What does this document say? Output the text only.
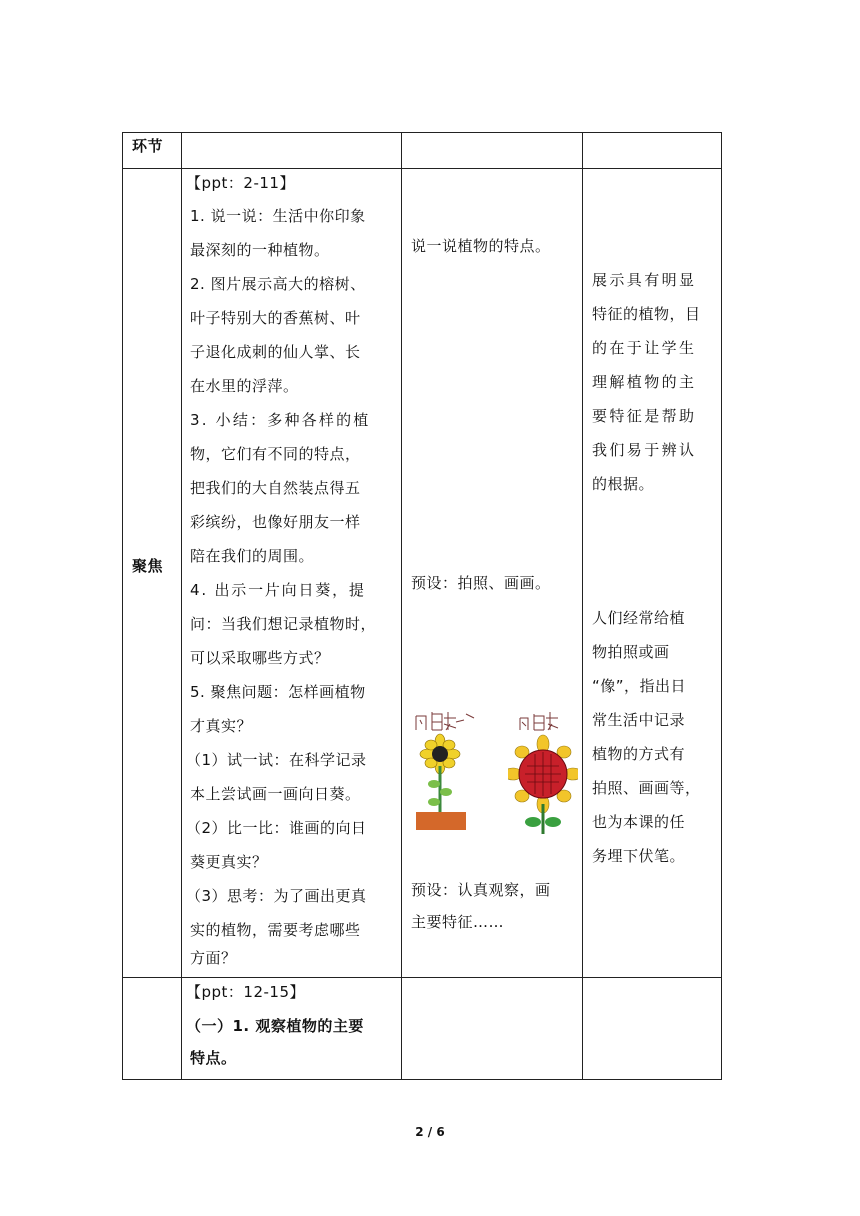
环节
聚焦
【ppt：2-11】
1. 说一说：生活中你印象
最深刻的一种植物。
2. 图片展示高大的榕树、
叶子特别大的香蕉树、叶
子退化成刺的仙人掌、长
在水里的浮萍。
3. 小结：多种各样的植
物，它们有不同的特点，
把我们的大自然装点得五
彩缤纷，也像好朋友一样
陪在我们的周围。
4. 出示一片向日葵，提
问：当我们想记录植物时，
可以采取哪些方式？
5. 聚焦问题：怎样画植物
才真实？
（1）试一试：在科学记录
本上尝试画一画向日葵。
（2）比一比：谁画的向日
葵更真实？
（3）思考：为了画出更真
实的植物，需要考虑哪些
方面？
说一说植物的特点。
预设：拍照、画画。
预设：认真观察，画
主要特征……
展示具有明显
特征的植物，目
的在于让学生
理解植物的主
要特征是帮助
我们易于辨认
的根据。
人们经常给植
物拍照或画
“像”，指出日
常生活中记录
植物的方式有
拍照、画画等，
也为本课的任
务埋下伏笔。
【ppt：12-15】
（一）1. 观察植物的主要
特点。
2 / 6
